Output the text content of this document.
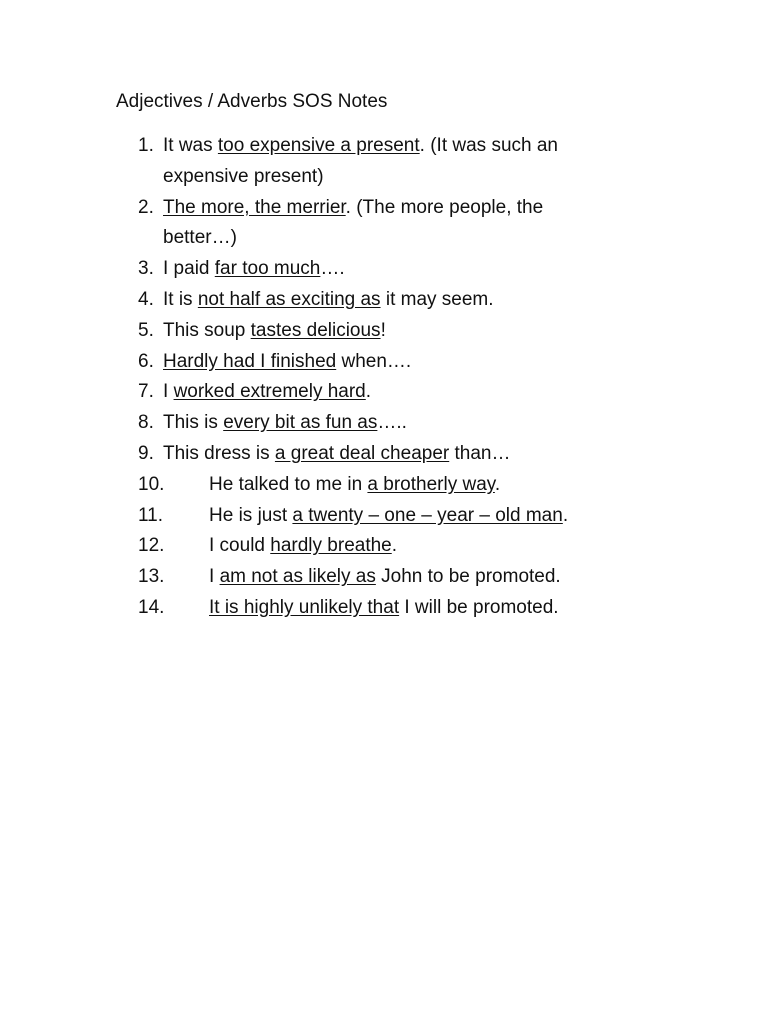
Adjectives / Adverbs SOS Notes
1. It was too expensive a present. (It was such an expensive present)
2. The more, the merrier. (The more people, the better…)
3. I paid far too much….
4. It is not half as exciting as it may seem.
5. This soup tastes delicious!
6. Hardly had I finished when….
7. I worked extremely hard.
8. This is every bit as fun as…..
9. This dress is a great deal cheaper than…
10.	He talked to me in a brotherly way.
11.	He is just a twenty – one – year – old man.
12.	I could hardly breathe.
13.	I am not as likely as John to be promoted.
14.	It is highly unlikely that I will be promoted.
